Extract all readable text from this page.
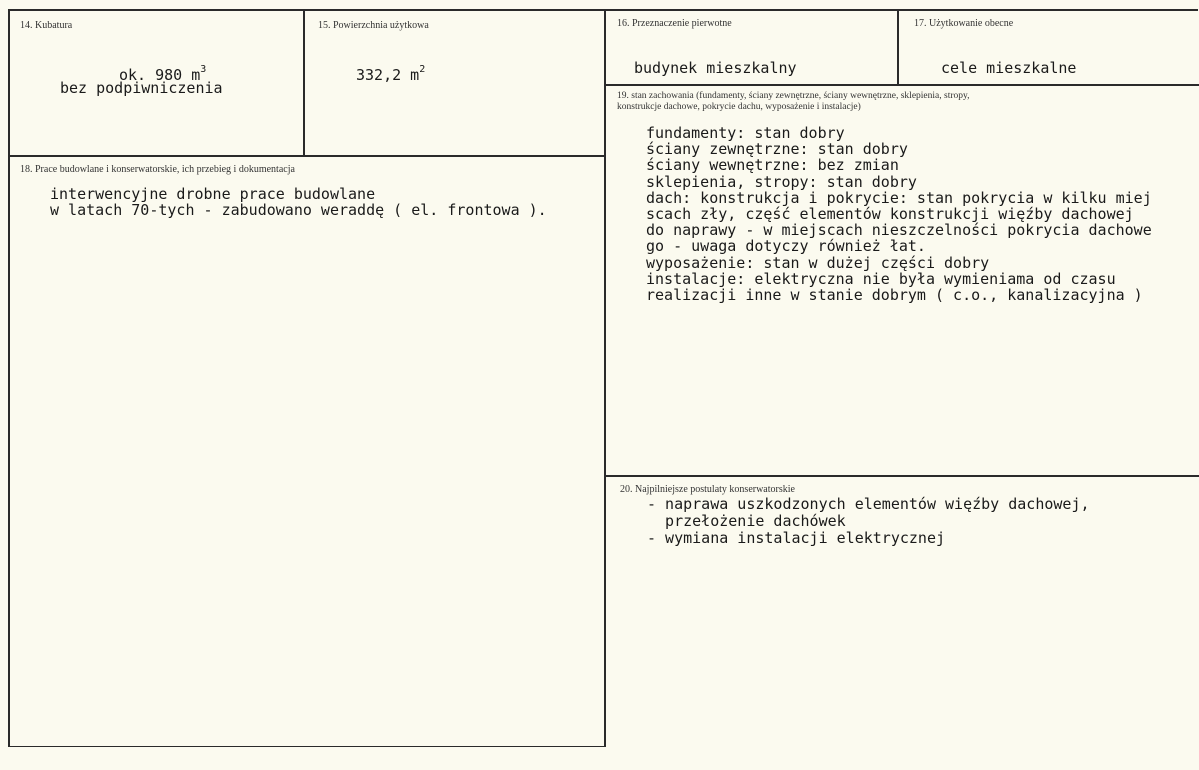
14. Kubatura
ok. 980 $m^3$
bez podpiwniczenia
15. Powierzchnia użytkowa
332,2 $m^2$
16. Przeznaczenie pierwotne
budynek mieszkalny
17. Użytkowanie obecne
cele mieszkalne
18. Prace budowlane i konserwatorskie, ich przebieg i dokumentacja
interwencyjne drobne prace budowlane
w latach 70-tych - zabudowano weraddę ( el. frontowa ).
19. stan zachowania (fundamenty, ściany zewnętrzne, ściany wewnętrzne, sklepienia, stropy,
konstrukcje dachowe, pokrycie dachu, wyposażenie i instalacje)
fundamenty: stan dobry
ściany zewnętrzne: stan dobry
ściany wewnętrzne: bez zmian
sklepienia, stropy: stan dobry
dach: konstrukcja i pokrycie: stan pokrycia w kilku miej
scach zły, część elementów konstrukcji więźby dachowej
do naprawy - w miejscach nieszczelności pokrycia dachowe
go - uwaga dotyczy również łat.
wyposażenie: stan w dużej części dobry
instalacje: elektryczna nie była wymieniama od czasu
realizacji inne w stanie dobrym ( c.o., kanalizacyjna )
20. Najpilniejsze postulaty konserwatorskie
- naprawa uszkodzonych elementów więźby dachowej,
przełożenie dachówek
- wymiana instalacji elektrycznej
